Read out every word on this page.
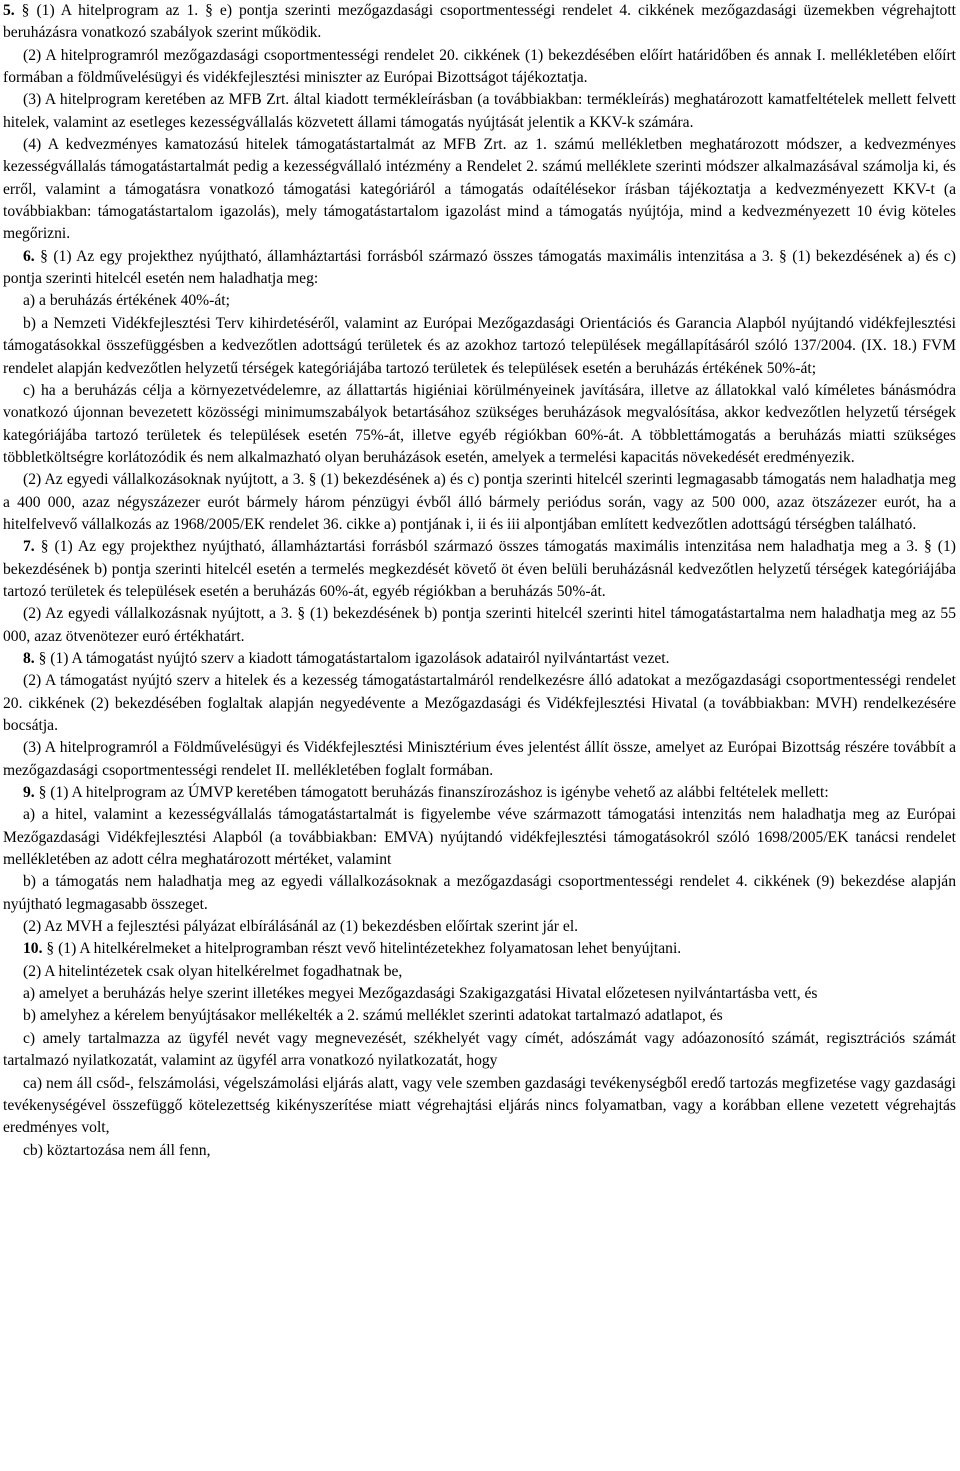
5. § (1) A hitelprogram az 1. § e) pontja szerinti mezőgazdasági csoportmentességi rendelet 4. cikkének mezőgazdasági üzemekben végrehajtott beruházásra vonatkozó szabályok szerint működik.

(2) A hitelprogramról mezőgazdasági csoportmentességi rendelet 20. cikkének (1) bekezdésében előírt határidőben és annak I. mellékletében előírt formában a földművelésügyi és vidékfejlesztési miniszter az Európai Bizottságot tájékoztatja.

(3) A hitelprogram keretében az MFB Zrt. által kiadott termékleírásban (a továbbiakban: termékleírás) meghatározott kamatfeltételek mellett felvett hitelek, valamint az esetleges kezességvállalás közvetett állami támogatás nyújtását jelentik a KKV-k számára.

(4) A kedvezményes kamatozású hitelek támogatástartalmát az MFB Zrt. az 1. számú mellékletben meghatározott módszer, a kedvezményes kezességvállalás támogatástartalmát pedig a kezességvállaló intézmény a Rendelet 2. számú melléklete szerinti módszer alkalmazásával számolja ki, és erről, valamint a támogatásra vonatkozó támogatási kategóriáról a támogatás odaítélésekor írásban tájékoztatja a kedvezményezett KKV-t (a továbbiakban: támogatástartalom igazolás), mely támogatástartalom igazolást mind a támogatás nyújtója, mind a kedvezményezett 10 évig köteles megőrizni.

6. § (1) Az egy projekthez nyújtható, államháztartási forrásból származó összes támogatás maximális intenzitása a 3. § (1) bekezdésének a) és c) pontja szerinti hitelcél esetén nem haladhatja meg:

a) a beruházás értékének 40%-át;

b) a Nemzeti Vidékfejlesztési Terv kihirdetéséről, valamint az Európai Mezőgazdasági Orientációs és Garancia Alapból nyújtandó vidékfejlesztési támogatásokkal összefüggésben a kedvezőtlen adottságú területek és az azokhoz tartozó települések megállapításáról szóló 137/2004. (IX. 18.) FVM rendelet alapján kedvezőtlen helyzetű térségek kategóriájába tartozó területek és települések esetén a beruházás értékének 50%-át;

c) ha a beruházás célja a környezetvédelemre, az állattartás higiéniai körülményeinek javítására, illetve az állatokkal való kíméletes bánásmódra vonatkozó újonnan bevezetett közösségi minimumszabályok betartásához szükséges beruházások megvalósítása, akkor kedvezőtlen helyzetű térségek kategóriájába tartozó területek és települések esetén 75%-át, illetve egyéb régiókban 60%-át. A többlettámogatás a beruházás miatti szükséges többletköltségre korlátozódik és nem alkalmazható olyan beruházások esetén, amelyek a termelési kapacitás növekedését eredményezik.

(2) Az egyedi vállalkozásoknak nyújtott, a 3. § (1) bekezdésének a) és c) pontja szerinti hitelcél szerinti legmagasabb támogatás nem haladhatja meg a 400 000, azaz négyszázezer eurót bármely három pénzügyi évből álló bármely periódus során, vagy az 500 000, azaz ötszázezer eurót, ha a hitelfelvevő vállalkozás az 1968/2005/EK rendelet 36. cikke a) pontjának i, ii és iii alpontjában említett kedvezőtlen adottságú térségben található.

7. § (1) Az egy projekthez nyújtható, államháztartási forrásból származó összes támogatás maximális intenzitása nem haladhatja meg a 3. § (1) bekezdésének b) pontja szerinti hitelcél esetén a termelés megkezdését követő öt éven belüli beruházásnál kedvezőtlen helyzetű térségek kategóriájába tartozó területek és települések esetén a beruházás 60%-át, egyéb régiókban a beruházás 50%-át.

(2) Az egyedi vállalkozásnak nyújtott, a 3. § (1) bekezdésének b) pontja szerinti hitelcél szerinti hitel támogatástartalma nem haladhatja meg az 55 000, azaz ötvenötezer euró értékhatárt.

8. § (1) A támogatást nyújtó szerv a kiadott támogatástartalom igazolások adatairól nyilvántartást vezet.

(2) A támogatást nyújtó szerv a hitelek és a kezesség támogatástartalmáról rendelkezésre álló adatokat a mezőgazdasági csoportmentességi rendelet 20. cikkének (2) bekezdésében foglaltak alapján negyedévente a Mezőgazdasági és Vidékfejlesztési Hivatal (a továbbiakban: MVH) rendelkezésére bocsátja.

(3) A hitelprogramról a Földművelésügyi és Vidékfejlesztési Minisztérium éves jelentést állít össze, amelyet az Európai Bizottság részére továbbít a mezőgazdasági csoportmentességi rendelet II. mellékletében foglalt formában.

9. § (1) A hitelprogram az ÚMVP keretében támogatott beruházás finanszírozáshoz is igénybe vehető az alábbi feltételek mellett:

a) a hitel, valamint a kezességvállalás támogatástartalmát is figyelembe véve származott támogatási intenzitás nem haladhatja meg az Európai Mezőgazdasági Vidékfejlesztési Alapból (a továbbiakban: EMVA) nyújtandó vidékfejlesztési támogatásokról szóló 1698/2005/EK tanácsi rendelet mellékletében az adott célra meghatározott mértéket, valamint

b) a támogatás nem haladhatja meg az egyedi vállalkozásoknak a mezőgazdasági csoportmentességi rendelet 4. cikkének (9) bekezdése alapján nyújtható legmagasabb összeget.

(2) Az MVH a fejlesztési pályázat elbírálásánál az (1) bekezdésben előírtak szerint jár el.

10. § (1) A hitelkérelmeket a hitelprogramban részt vevő hitelintézetekhez folyamatosan lehet benyújtani.

(2) A hitelintézetek csak olyan hitelkérelmet fogadhatnak be,

a) amelyet a beruházás helye szerint illetékes megyei Mezőgazdasági Szakigazgatási Hivatal előzetesen nyilvántartásba vett, és

b) amelyhez a kérelem benyújtásakor mellékelték a 2. számú melléklet szerinti adatokat tartalmazó adatlapot, és

c) amely tartalmazza az ügyfél nevét vagy megnevezését, székhelyét vagy címét, adószámát vagy adóazonosító számát, regisztrációs számát tartalmazó nyilatkozatát, valamint az ügyfél arra vonatkozó nyilatkozatát, hogy

ca) nem áll csőd-, felszámolási, végelszámolási eljárás alatt, vagy vele szemben gazdasági tevékenységből eredő tartozás megfizetése vagy gazdasági tevékenységével összefüggő kötelezettség kikényszerítése miatt végrehajtási eljárás nincs folyamatban, vagy a korábban ellene vezetett végrehajtás eredményes volt,

cb) köztartozása nem áll fenn,
